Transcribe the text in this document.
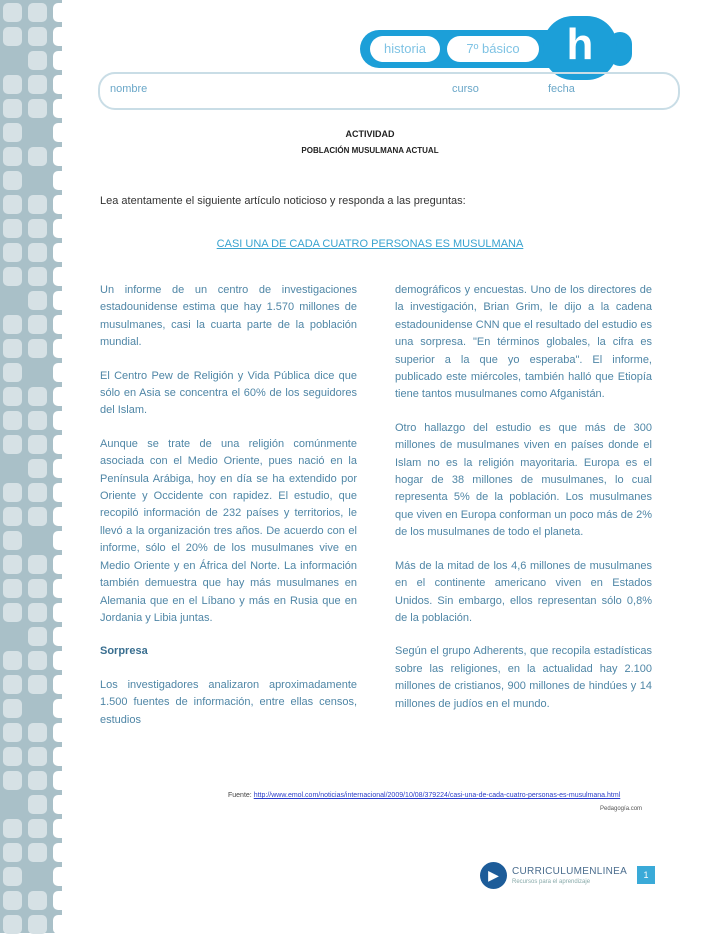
historia	7º básico	h
nombre	curso	fecha
ACTIVIDAD
POBLACIÓN MUSULMANA ACTUAL
Lea atentamente el siguiente artículo noticioso y responda a las preguntas:
CASI UNA DE CADA CUATRO PERSONAS ES MUSULMANA

Un informe de un centro de investigaciones estadounidense estima que hay 1.570 millones de musulmanes, casi la cuarta parte de la población mundial.

El Centro Pew de Religión y Vida Pública dice que sólo en Asia se concentra el 60% de los seguidores del Islam.

Aunque se trate de una religión comúnmente asociada con el Medio Oriente, pues nació en la Península Arábiga, hoy en día se ha extendido por Oriente y Occidente con rapidez. El estudio, que recopiló información de 232 países y territorios, le llevó a la organización tres años. De acuerdo con el informe, sólo el 20% de los musulmanes vive en Medio Oriente y en África del Norte. La información también demuestra que hay más musulmanes en Alemania que en el Líbano y más en Rusia que en Jordania y Libia juntas.

Sorpresa

Los investigadores analizaron aproximadamente 1.500 fuentes de información, entre ellas censos, estudios

demográficos y encuestas. Uno de los directores de la investigación, Brian Grim, le dijo a la cadena estadounidense CNN que el resultado del estudio es una sorpresa. "En términos globales, la cifra es superior a la que yo esperaba". El informe, publicado este miércoles, también halló que Etiopía tiene tantos musulmanes como Afganistán.

Otro hallazgo del estudio es que más de 300 millones de musulmanes viven en países donde el Islam no es la religión mayoritaria. Europa es el hogar de 38 millones de musulmanes, lo cual representa 5% de la población. Los musulmanes que viven en Europa conforman un poco más de 2% de los musulmanes de todo el planeta.

Más de la mitad de los 4,6 millones de musulmanes en el continente americano viven en Estados Unidos. Sin embargo, ellos representan sólo 0,8% de la población.

Según el grupo Adherents, que recopila estadísticas sobre las religiones, en la actualidad hay 2.100 millones de cristianos, 900 millones de hindúes y 14 millones de judíos en el mundo.

Fuente: http://www.emol.com/noticias/internacional/2009/10/08/379224/casi-una-de-cada-cuatro-personas-es-musulmana.html
Pedagogía.com
▶	CURRICULUMENLINEA
Recursos para el aprendizaje
1
